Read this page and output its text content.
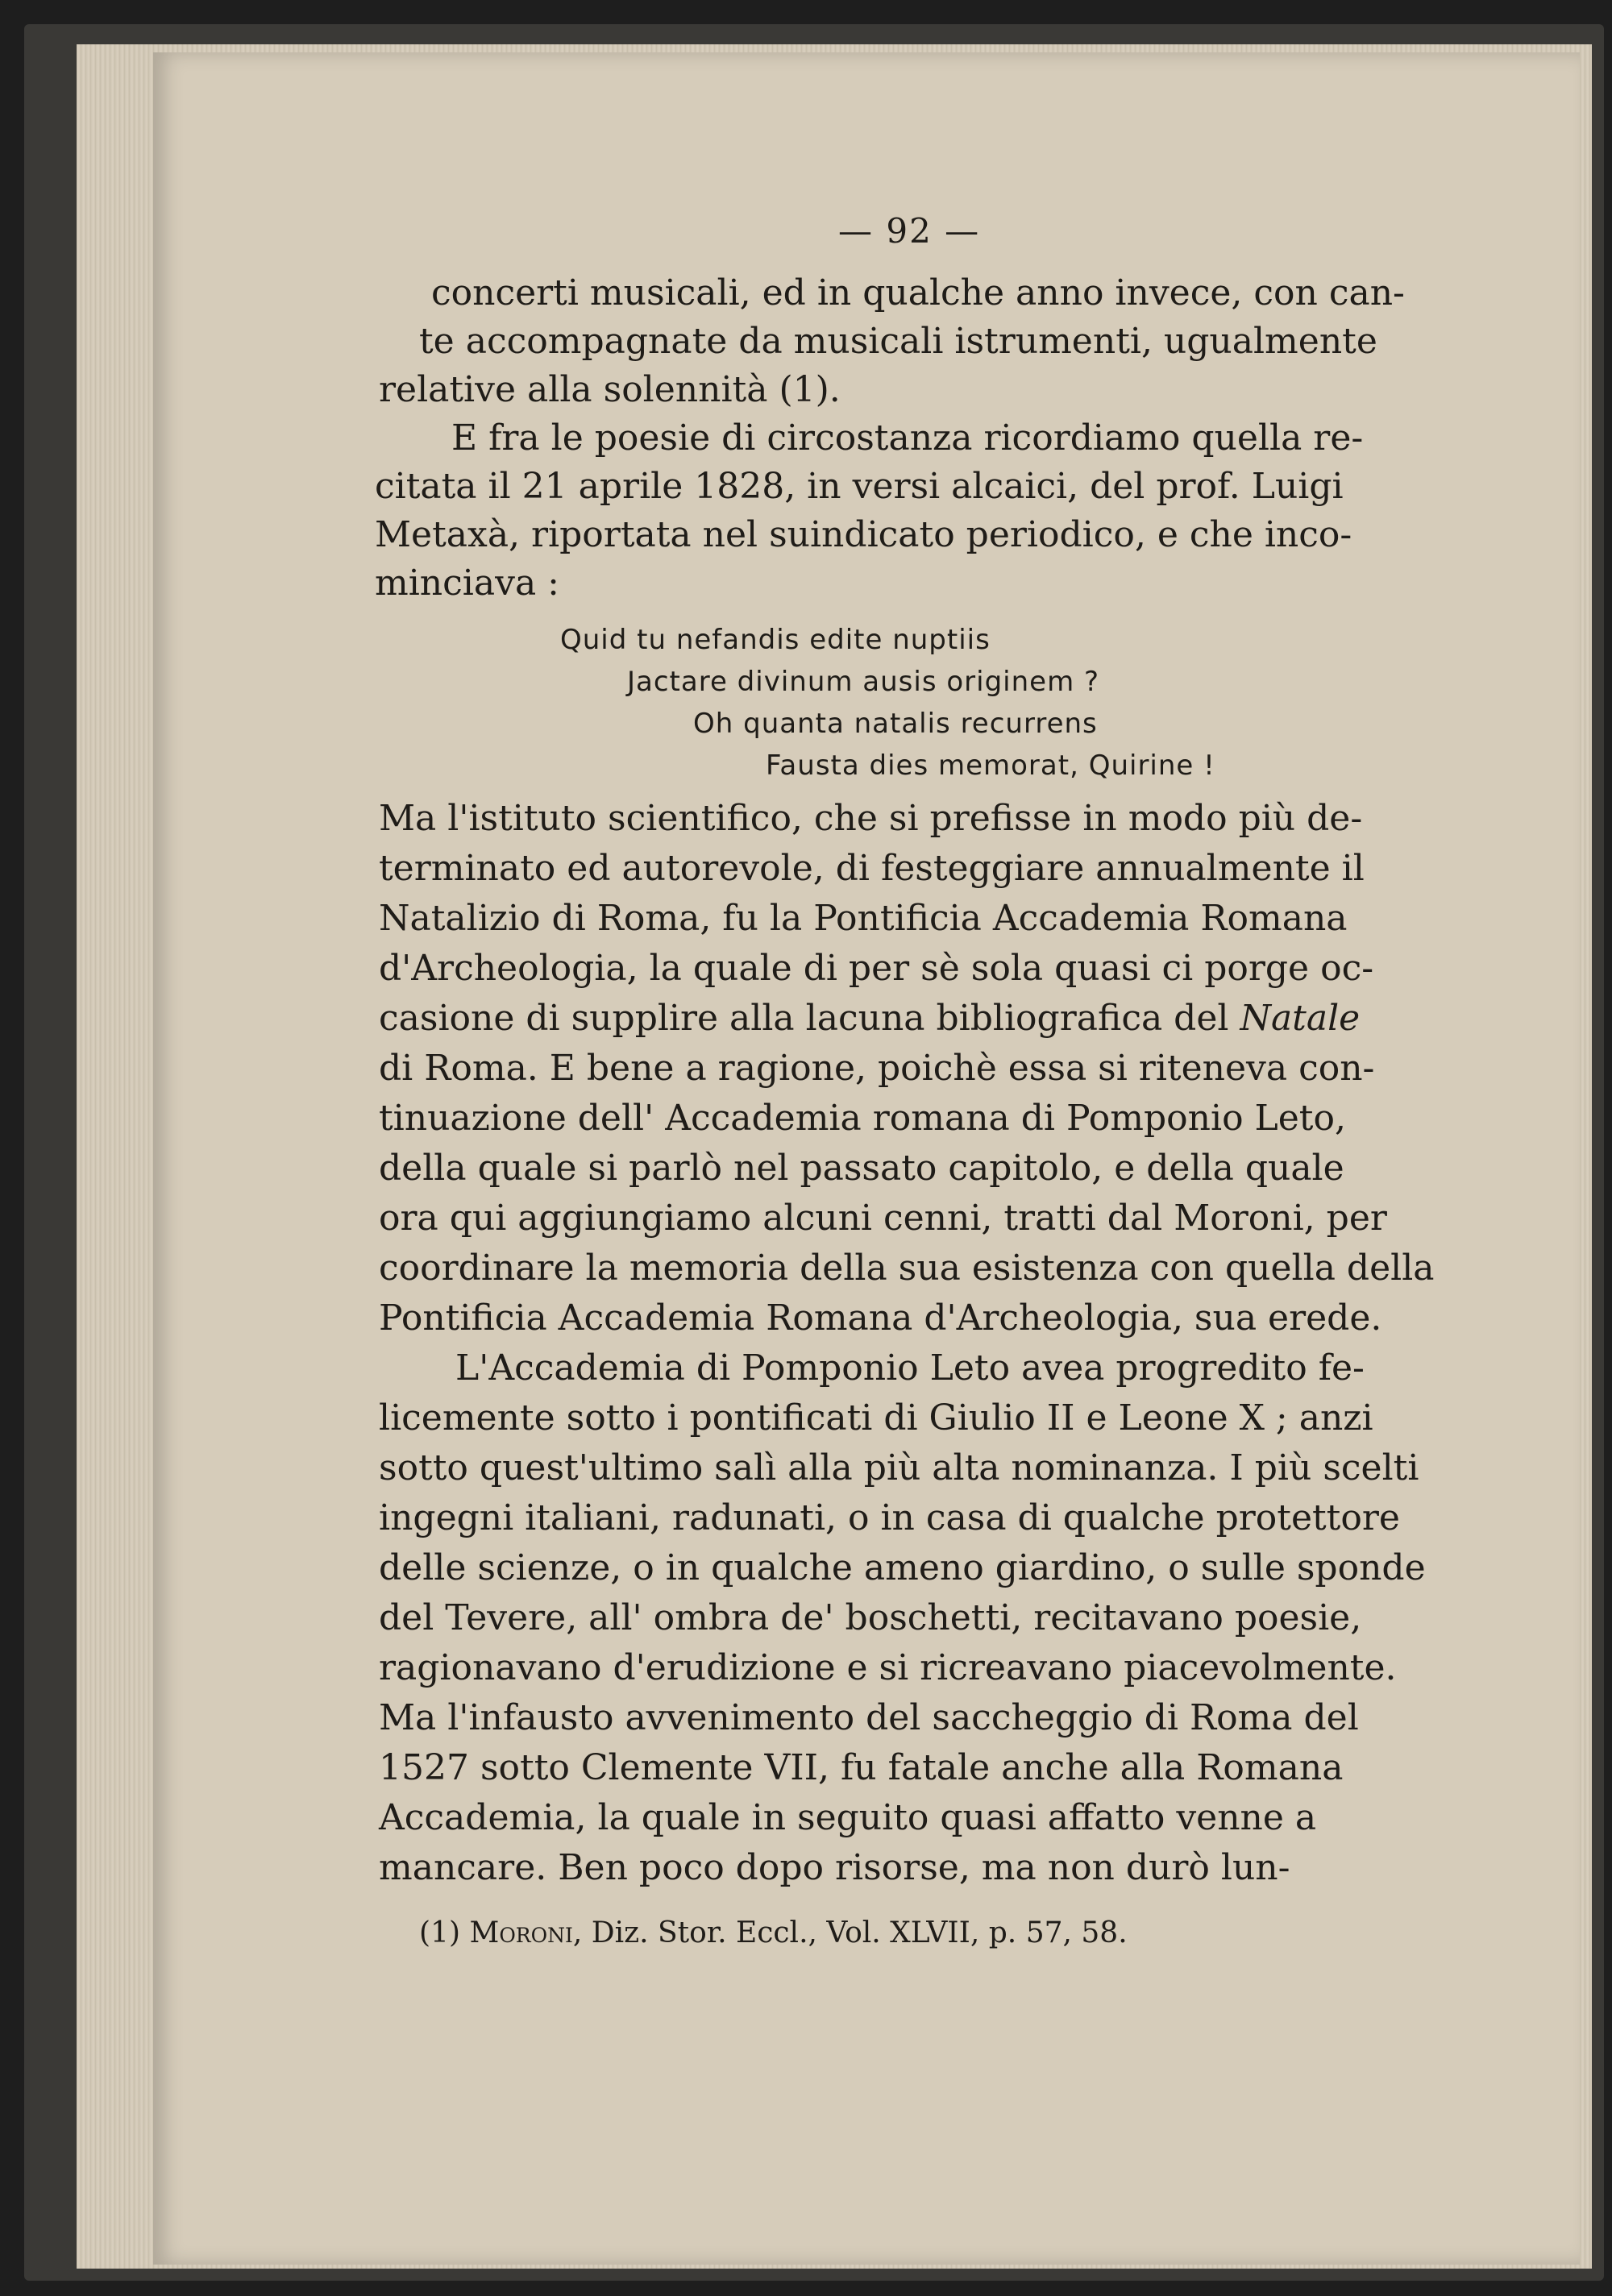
— 92 —
concerti musicali, ed in qualche anno invece, con can-
te accompagnate da musicali istrumenti, ugualmente
relative alla solennità (1).
E fra le poesie di circostanza ricordiamo quella re-
citata il 21 aprile 1828, in versi alcaici, del prof. Luigi
Metaxà, riportata nel suindicato periodico, e che inco-
minciava :
Quid tu nefandis edite nuptiis
Jactare divinum ausis originem ?
Oh quanta natalis recurrens
Fausta dies memorat, Quirine !
Ma l'istituto scientifico, che si prefisse in modo più de-
terminato ed autorevole, di festeggiare annualmente il
Natalizio di Roma, fu la Pontificia Accademia Romana
d'Archeologia, la quale di per sè sola quasi ci porge oc-
casione di supplire alla lacuna bibliografica del Natale
di Roma. E bene a ragione, poichè essa si riteneva con-
tinuazione dell' Accademia romana di Pomponio Leto,
della quale si parlò nel passato capitolo, e della quale
ora qui aggiungiamo alcuni cenni, tratti dal Moroni, per
coordinare la memoria della sua esistenza con quella della
Pontificia Accademia Romana d'Archeologia, sua erede.
L'Accademia di Pomponio Leto avea progredito fe-
licemente sotto i pontificati di Giulio II e Leone X ; anzi
sotto quest'ultimo salì alla più alta nominanza. I più scelti
ingegni italiani, radunati, o in casa di qualche protettore
delle scienze, o in qualche ameno giardino, o sulle sponde
del Tevere, all' ombra de' boschetti, recitavano poesie,
ragionavano d'erudizione e si ricreavano piacevolmente.
Ma l'infausto avvenimento del saccheggio di Roma del
1527 sotto Clemente VII, fu fatale anche alla Romana
Accademia, la quale in seguito quasi affatto venne a
mancare. Ben poco dopo risorse, ma non durò lun-
(1) Moroni, Diz. Stor. Eccl., Vol. XLVII, p. 57, 58.
